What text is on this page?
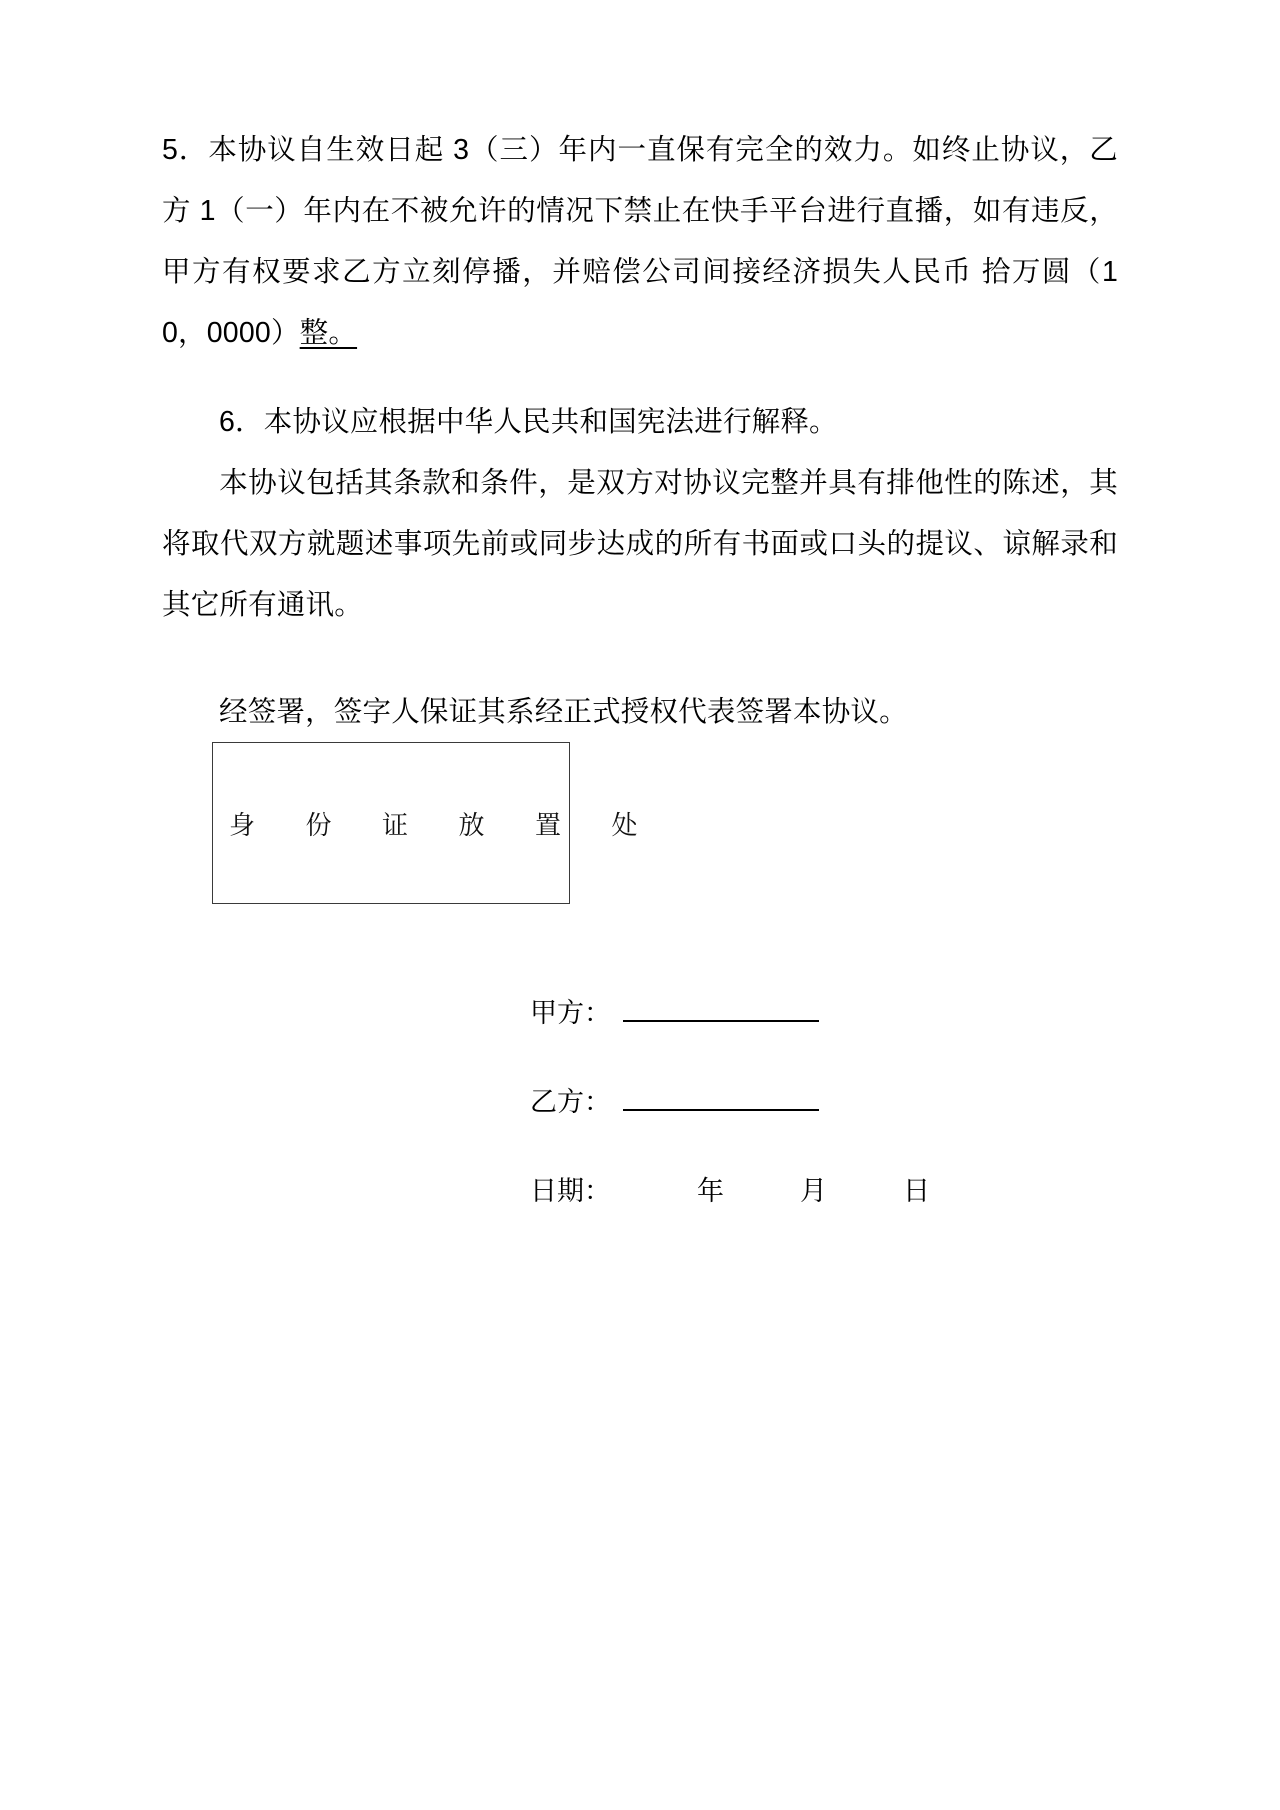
5．本协议自生效日起 3（三）年内一直保有完全的效力。如终止协议，乙方 1（一）年内在不被允许的情况下禁止在快手平台进行直播，如有违反，甲方有权要求乙方立刻停播，并赔偿公司间接经济损失人民币 拾万圆（10，0000）整。

6．本协议应根据中华人民共和国宪法进行解释。

本协议包括其条款和条件，是双方对协议完整并具有排他性的陈述，其将取代双方就题述事项先前或同步达成的所有书面或口头的提议、谅解录和其它所有通讯。

经签署，签字人保证其系经正式授权代表签署本协议。

身 份 证 放 置 处
甲方：
乙方：
日期：	年	月	日
